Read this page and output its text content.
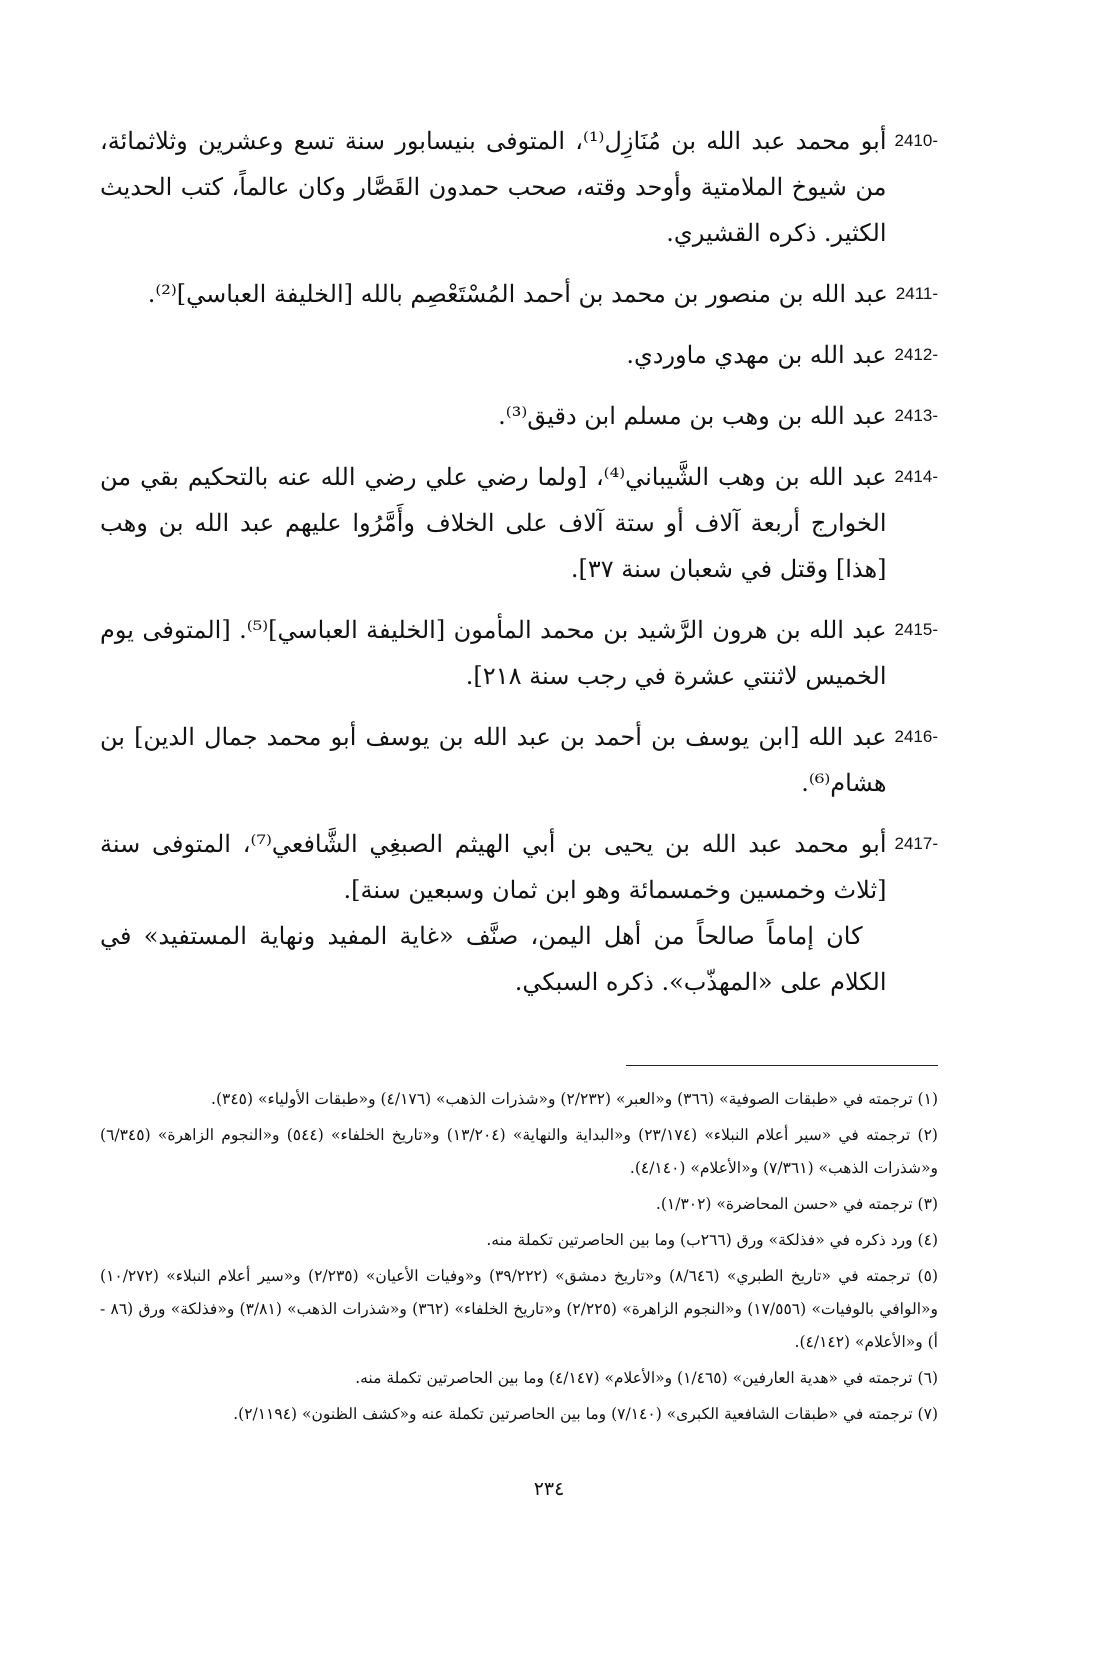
2410-

أبو محمد عبد الله بن مُنَازِل⁽¹⁾، المتوفى بنيسابور سنة تسع وعشرين وثلاثمائة، من شيوخ الملامتية وأوحد وقته، صحب حمدون القَصَّار وكان عالماً، كتب الحديث الكثير. ذكره القشيري.

2411-

عبد الله بن منصور بن محمد بن أحمد المُسْتَعْصِم بالله [الخليفة العباسي]⁽²⁾.

2412-

عبد الله بن مهدي ماوردي.

2413-

عبد الله بن وهب بن مسلم ابن دقيق⁽³⁾.

2414-

عبد الله بن وهب الشَّيباني⁽⁴⁾، [ولما رضي علي رضي الله عنه بالتحكيم بقي من الخوارج أربعة آلاف أو ستة آلاف على الخلاف وأَمَّرُوا عليهم عبد الله بن وهب [هذا] وقتل في شعبان سنة ٣٧].

2415-

عبد الله بن هرون الرَّشيد بن محمد المأمون [الخليفة العباسي]⁽⁵⁾. [المتوفى يوم الخميس لاثنتي عشرة في رجب سنة ٢١٨].

2416-

عبد الله [ابن يوسف بن أحمد بن عبد الله بن يوسف أبو محمد جمال الدين] بن هشام⁽⁶⁾.

2417-

أبو محمد عبد الله بن يحيى بن أبي الهيثم الصبغِي الشَّافعي⁽⁷⁾، المتوفى سنة [ثلاث وخمسين وخمسمائة وهو ابن ثمان وسبعين سنة].

كان إماماً صالحاً من أهل اليمن، صنَّف «غاية المفيد ونهاية المستفيد» في الكلام على «المهذّب». ذكره السبكي.

(١) ترجمته في «طبقات الصوفية» (٣٦٦) و«العبر» (٢/٢٣٢) و«شذرات الذهب» (٤/١٧٦) و«طبقات الأولياء» (٣٤٥).

(٢) ترجمته في «سير أعلام النبلاء» (٢٣/١٧٤) و«البداية والنهاية» (١٣/٢٠٤) و«تاريخ الخلفاء» (٥٤٤) و«النجوم الزاهرة» (٦/٣٤٥) و«شذرات الذهب» (٧/٣٦١) و«الأعلام» (٤/١٤٠).

(٣) ترجمته في «حسن المحاضرة» (١/٣٠٢).

(٤) ورد ذكره في «فذلكة» ورق (٢٦٦ب) وما بين الحاصرتين تكملة منه.

(٥) ترجمته في «تاريخ الطبري» (٨/٦٤٦) و«تاريخ دمشق» (٣٩/٢٢٢) و«وفيات الأعيان» (٢/٢٣٥) و«سير أعلام النبلاء» (١٠/٢٧٢) و«الوافي بالوفيات» (١٧/٥٥٦) و«النجوم الزاهرة» (٢/٢٢٥) و«تاريخ الخلفاء» (٣٦٢) و«شذرات الذهب» (٣/٨١) و«فذلكة» ورق (٨٦ - أ) و«الأعلام» (٤/١٤٢).

(٦) ترجمته في «هدية العارفين» (١/٤٦٥) و«الأعلام» (٤/١٤٧) وما بين الحاصرتين تكملة منه.

(٧) ترجمته في «طبقات الشافعية الكبرى» (٧/١٤٠) وما بين الحاصرتين تكملة عنه و«كشف الظنون» (٢/١١٩٤).

٢٣٤
